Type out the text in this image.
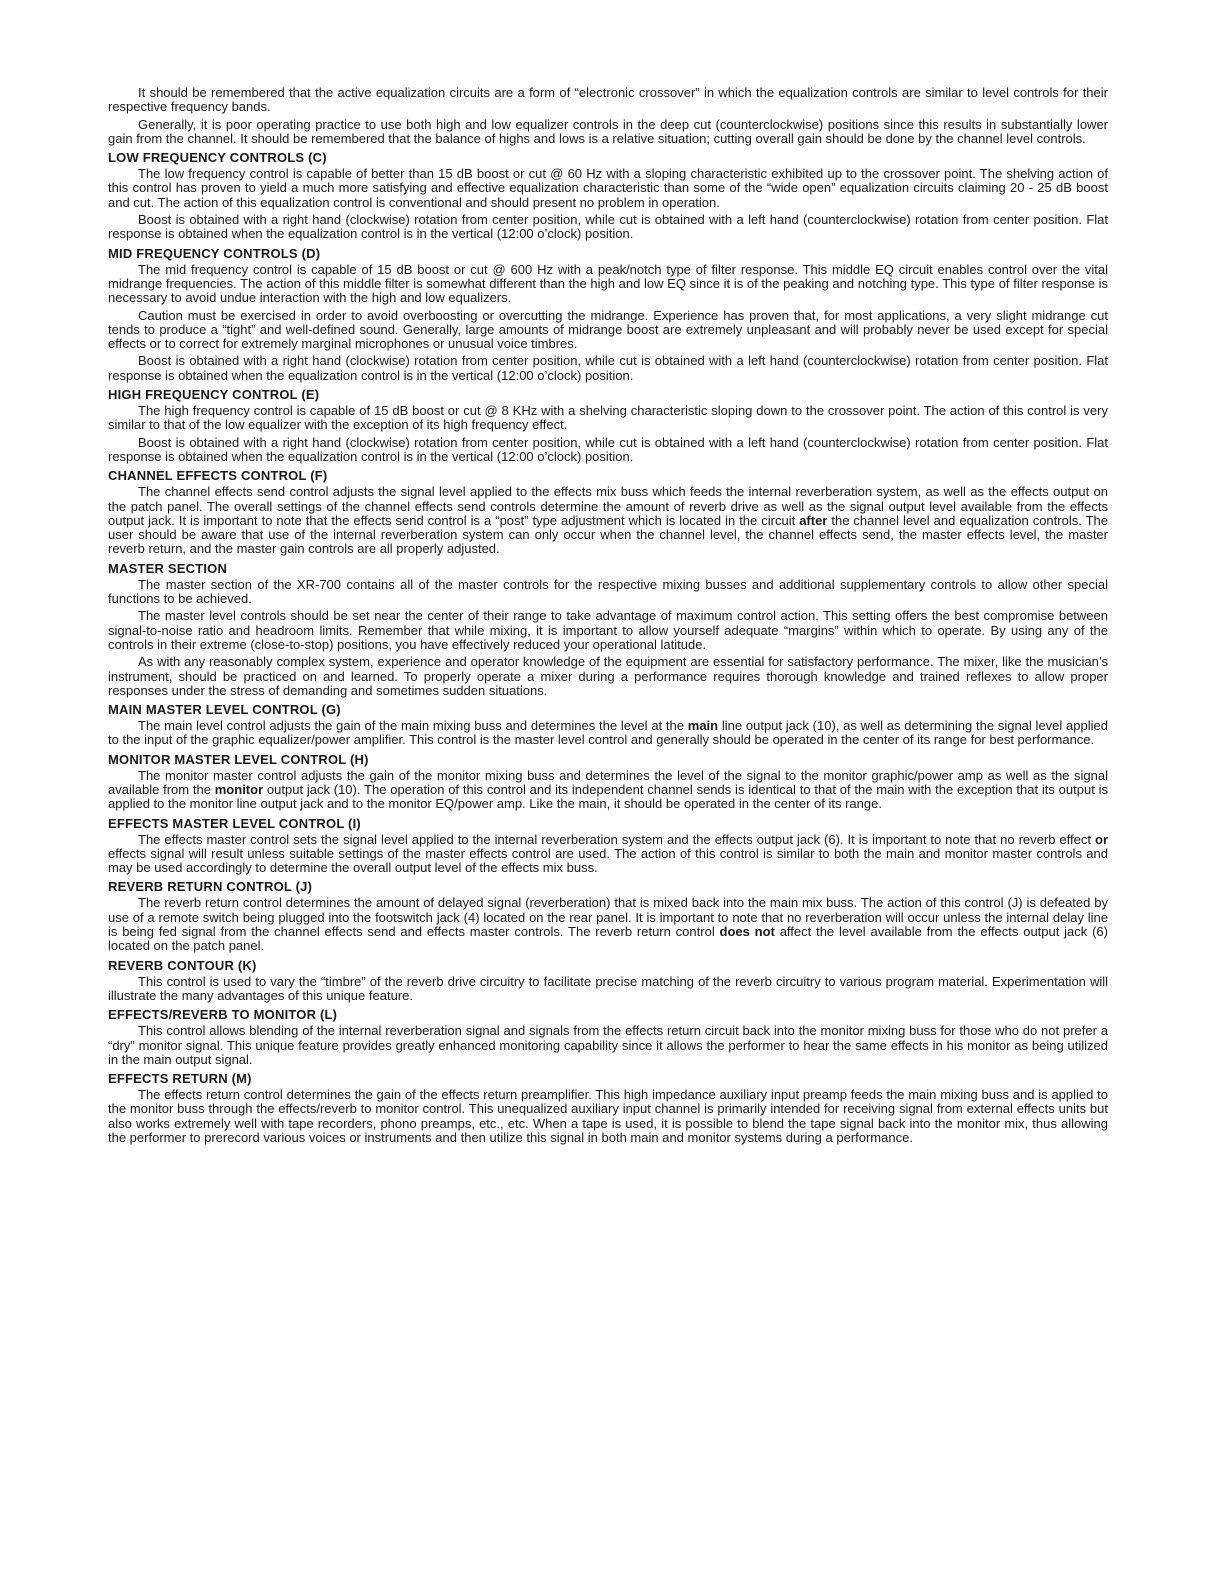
It should be remembered that the active equalization circuits are a form of “electronic crossover” in which the equalization controls are similar to level controls for their respective frequency bands.

Generally, it is poor operating practice to use both high and low equalizer controls in the deep cut (counterclockwise) positions since this results in substantially lower gain from the channel. It should be remembered that the balance of highs and lows is a relative situation; cutting overall gain should be done by the channel level controls.

LOW FREQUENCY CONTROLS (C)

The low frequency control is capable of better than 15 dB boost or cut @ 60 Hz with a sloping characteristic exhibited up to the crossover point. The shelving action of this control has proven to yield a much more satisfying and effective equalization characteristic than some of the “wide open” equalization circuits claiming 20 - 25 dB boost and cut. The action of this equalization control is conventional and should present no problem in operation.

Boost is obtained with a right hand (clockwise) rotation from center position, while cut is obtained with a left hand (counterclockwise) rotation from center position. Flat response is obtained when the equalization control is in the vertical (12:00 o’clock) position.

MID FREQUENCY CONTROLS (D)

The mid frequency control is capable of 15 dB boost or cut @ 600 Hz with a peak/notch type of filter response. This middle EQ circuit enables control over the vital midrange frequencies. The action of this middle filter is somewhat different than the high and low EQ since it is of the peaking and notching type. This type of filter response is necessary to avoid undue interaction with the high and low equalizers.

Caution must be exercised in order to avoid overboosting or overcutting the midrange. Experience has proven that, for most applications, a very slight midrange cut tends to produce a “tight” and well-defined sound. Generally, large amounts of midrange boost are extremely unpleasant and will probably never be used except for special effects or to correct for extremely marginal microphones or unusual voice timbres.

Boost is obtained with a right hand (clockwise) rotation from center position, while cut is obtained with a left hand (counterclockwise) rotation from center position. Flat response is obtained when the equalization control is in the vertical (12:00 o’clock) position.

HIGH FREQUENCY CONTROL (E)

The high frequency control is capable of 15 dB boost or cut @ 8 KHz with a shelving characteristic sloping down to the crossover point. The action of this control is very similar to that of the low equalizer with the exception of its high frequency effect.

Boost is obtained with a right hand (clockwise) rotation from center position, while cut is obtained with a left hand (counterclockwise) rotation from center position. Flat response is obtained when the equalization control is in the vertical (12:00 o’clock) position.

CHANNEL EFFECTS CONTROL (F)

The channel effects send control adjusts the signal level applied to the effects mix buss which feeds the internal reverberation system, as well as the effects output on the patch panel. The overall settings of the channel effects send controls determine the amount of reverb drive as well as the signal output level available from the effects output jack. It is important to note that the effects send control is a “post” type adjustment which is located in the circuit after the channel level and equalization controls. The user should be aware that use of the internal reverberation system can only occur when the channel level, the channel effects send, the master effects level, the master reverb return, and the master gain controls are all properly adjusted.

MASTER SECTION

The master section of the XR-700 contains all of the master controls for the respective mixing busses and additional supplementary controls to allow other special functions to be achieved.

The master level controls should be set near the center of their range to take advantage of maximum control action. This setting offers the best compromise between signal-to-noise ratio and headroom limits. Remember that while mixing, it is important to allow yourself adequate “margins” within which to operate. By using any of the controls in their extreme (close-to-stop) positions, you have effectively reduced your operational latitude.

As with any reasonably complex system, experience and operator knowledge of the equipment are essential for satisfactory performance. The mixer, like the musician’s instrument, should be practiced on and learned. To properly operate a mixer during a performance requires thorough knowledge and trained reflexes to allow proper responses under the stress of demanding and sometimes sudden situations.

MAIN MASTER LEVEL CONTROL (G)

The main level control adjusts the gain of the main mixing buss and determines the level at the main line output jack (10), as well as determining the signal level applied to the input of the graphic equalizer/power amplifier. This control is the master level control and generally should be operated in the center of its range for best performance.

MONITOR MASTER LEVEL CONTROL (H)

The monitor master control adjusts the gain of the monitor mixing buss and determines the level of the signal to the monitor graphic/power amp as well as the signal available from the monitor output jack (10). The operation of this control and its independent channel sends is identical to that of the main with the exception that its output is applied to the monitor line output jack and to the monitor EQ/power amp. Like the main, it should be operated in the center of its range.

EFFECTS MASTER LEVEL CONTROL (I)

The effects master control sets the signal level applied to the internal reverberation system and the effects output jack (6). It is important to note that no reverb effect or effects signal will result unless suitable settings of the master effects control are used. The action of this control is similar to both the main and monitor master controls and may be used accordingly to determine the overall output level of the effects mix buss.

REVERB RETURN CONTROL (J)

The reverb return control determines the amount of delayed signal (reverberation) that is mixed back into the main mix buss. The action of this control (J) is defeated by use of a remote switch being plugged into the footswitch jack (4) located on the rear panel. It is important to note that no reverberation will occur unless the internal delay line is being fed signal from the channel effects send and effects master controls. The reverb return control does not affect the level available from the effects output jack (6) located on the patch panel.

REVERB CONTOUR (K)

This control is used to vary the “timbre” of the reverb drive circuitry to facilitate precise matching of the reverb circuitry to various program material. Experimentation will illustrate the many advantages of this unique feature.

EFFECTS/REVERB TO MONITOR (L)

This control allows blending of the internal reverberation signal and signals from the effects return circuit back into the monitor mixing buss for those who do not prefer a “dry” monitor signal. This unique feature provides greatly enhanced monitoring capability since it allows the performer to hear the same effects in his monitor as being utilized in the main output signal.

EFFECTS RETURN (M)

The effects return control determines the gain of the effects return preamplifier. This high impedance auxiliary input preamp feeds the main mixing buss and is applied to the monitor buss through the effects/reverb to monitor control. This unequalized auxiliary input channel is primarily intended for receiving signal from external effects units but also works extremely well with tape recorders, phono preamps, etc., etc. When a tape is used, it is possible to blend the tape signal back into the monitor mix, thus allowing the performer to prerecord various voices or instruments and then utilize this signal in both main and monitor systems during a performance.
